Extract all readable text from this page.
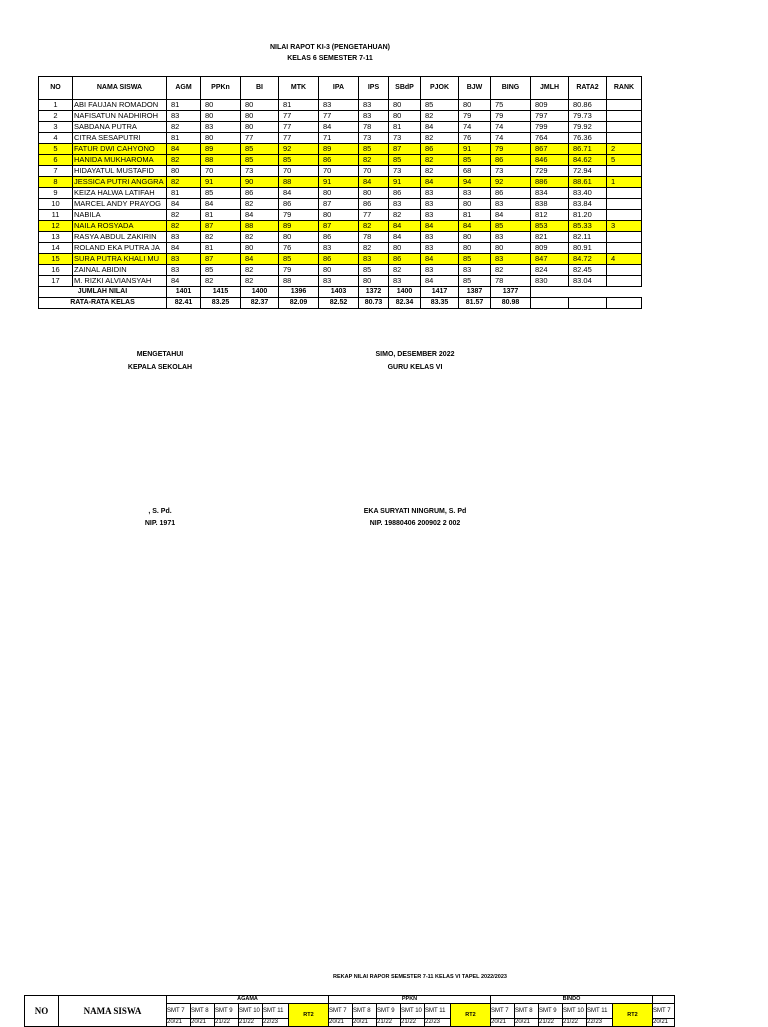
NILAI RAPOT KI-3 (PENGETAHUAN)
KELAS 6 SEMESTER 7-11
NO	NAMA SISWA	AGM	PPKn	BI	MTK	IPA	IPS	SBdP	PJOK	BJW	BING	JMLH	RATA2	RANK
1	ABI FAUJAN ROMADON	81	80	80	81	83	83	80	85	80	75	809	80.86	
2	NAFISATUN NADHIROH	83	80	80	77	77	83	80	82	79	79	797	79.73	
3	SABDANA PUTRA	82	83	80	77	84	78	81	84	74	74	799	79.92	
4	CITRA SESAPUTRI	81	80	77	77	71	73	73	82	76	74	764	76.36	
5	FATUR DWI CAHYONO	84	89	85	92	89	85	87	86	91	79	867	86.71	2
6	HANIDA MUKHAROMA	82	88	85	85	86	82	85	82	85	86	846	84.62	5
7	HIDAYATUL MUSTAFID	80	70	73	70	70	70	73	82	68	73	729	72.94	
8	JESSICA PUTRI ANGGRA	82	91	90	88	91	84	91	84	94	92	886	88.61	1
9	KEIZA HALWA LATIFAH	81	85	86	84	80	80	86	83	83	86	834	83.40	
10	MARCEL ANDY PRAYOG	84	84	82	86	87	86	83	83	80	83	838	83.84	
11	NABILA	82	81	84	79	80	77	82	83	81	84	812	81.20	
12	NAILA ROSYADA	82	87	88	89	87	82	84	84	84	85	853	85.33	3
13	RASYA ABDUL ZAKIRIN	83	82	82	80	86	78	84	83	80	83	821	82.11	
14	ROLAND EKA PUTRA JA	84	81	80	76	83	82	80	83	80	80	809	80.91	
15	SURA PUTRA KHALI MU	83	87	84	85	86	83	86	84	85	83	847	84.72	4
16	ZAINAL ABIDIN	83	85	82	79	80	85	82	83	83	82	824	82.45	
17	M. RIZKI ALVIANSYAH	84	82	82	88	83	80	83	84	85	78	830	83.04	
JUMLAH NILAI		1401	1415	1400	1396	1403	1372	1400	1417	1387	1377			
RATA-RATA KELAS		82.41	83.25	82.37	82.09	82.52	80.73	82.34	83.35	81.57	80.98			
MENGETAHUI
KEPALA SEKOLAH
SIMO, DESEMBER 2022
GURU KELAS VI
, S. Pd.
NIP. 1971
EKA SURYATI NINGRUM, S. Pd
NIP. 19880406 200902 2 002
REKAP NILAI RAPOR SEMESTER 7-11 KELAS VI TAPEL 2022/2023
NO	NAMA SISWA	AGAMA						PPKN						BINDO						
		SMT 7	SMT 8	SMT 9	SMT 10	SMT 11	RT2	SMT 7	SMT 8	SMT 9	SMT 10	SMT 11	RT2	SMT 7	SMT 8	SMT 9	SMT 10	SMT 11	RT2	SMT 7
		20/21	20/21	21/22	21/22	22/23		20/21	20/21	21/22	21/22	22/23		20/21	20/21	21/22	21/22	22/23		20/21
